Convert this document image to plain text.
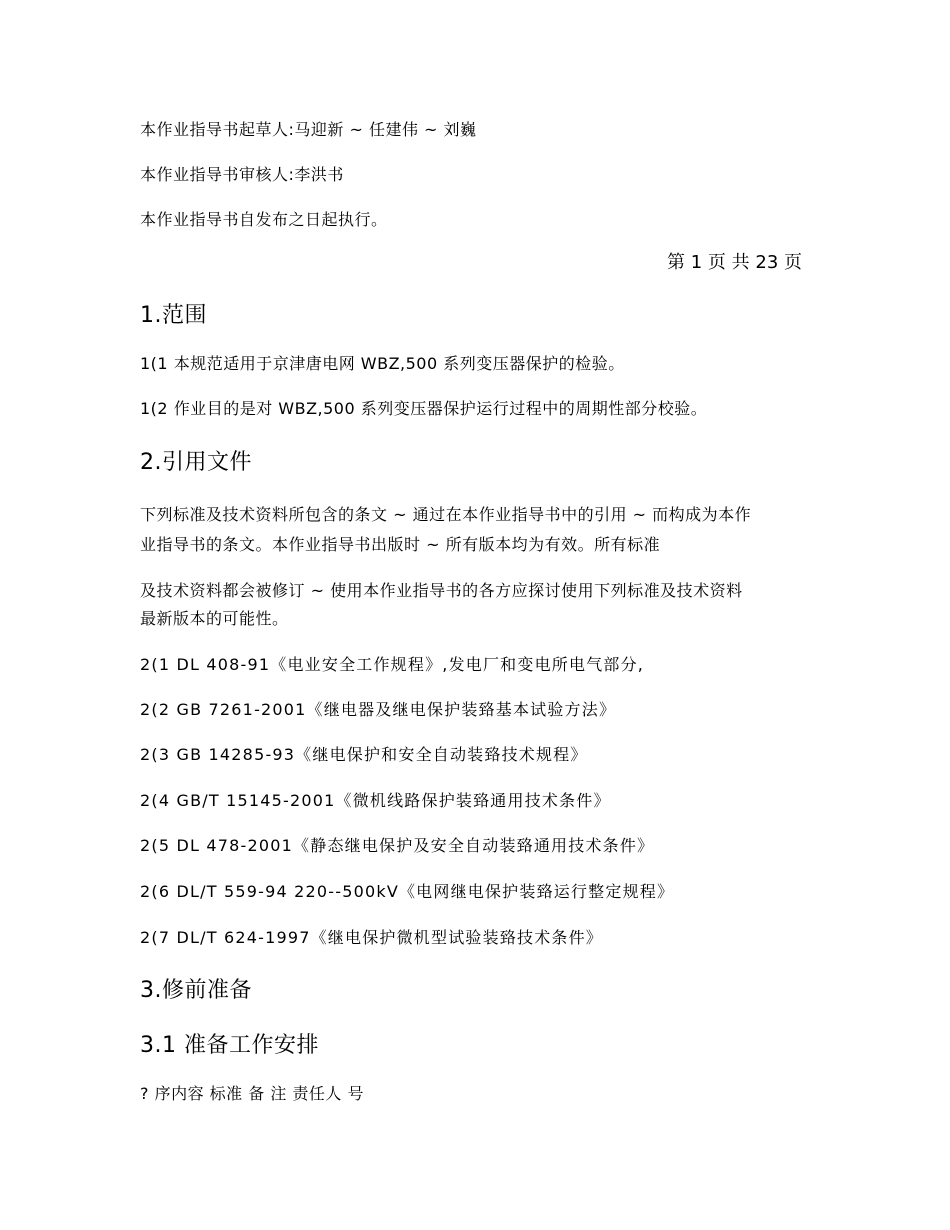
本作业指导书起草人:马迎新 ~ 任建伟 ~ 刘巍
本作业指导书审核人:李洪书
本作业指导书自发布之日起执行。
第 1 页 共 23 页
1.范围
1(1 本规范适用于京津唐电网 WBZ,500 系列变压器保护的检验。
1(2 作业目的是对 WBZ,500 系列变压器保护运行过程中的周期性部分校验。
2.引用文件
下列标准及技术资料所包含的条文 ~ 通过在本作业指导书中的引用 ~ 而构成为本作
业指导书的条文。本作业指导书出版时 ~ 所有版本均为有效。所有标准
及技术资料都会被修订 ~ 使用本作业指导书的各方应探讨使用下列标准及技术资料
最新版本的可能性。
2(1 DL 408-91《电业安全工作规程》,发电厂和变电所电气部分,
2(2 GB 7261-2001《继电器及继电保护装臵基本试验方法》
2(3 GB 14285-93《继电保护和安全自动装臵技术规程》
2(4 GB/T 15145-2001《微机线路保护装臵通用技术条件》
2(5 DL 478-2001《静态继电保护及安全自动装臵通用技术条件》
2(6 DL/T 559-94 220--500kV《电网继电保护装臵运行整定规程》
2(7 DL/T 624-1997《继电保护微机型试验装臵技术条件》
3.修前准备
3.1 准备工作安排
? 序内容 标准 备 注 责任人 号
